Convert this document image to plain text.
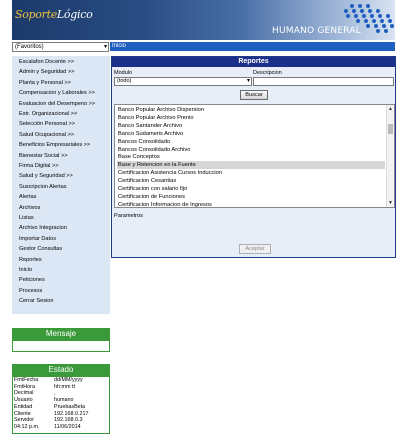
SoporteLógico
HUMANO GENERAL
(Favoritos)	▾ Inicio
Escalafon Docente >>
Admin y Seguridad >>
Planta y Personal >>
Compensacion y Laborales >>
Evaluacion del Desempeno >>
Estr. Organizacional >>
Selección Personal >>
Salud Ocupacional >>
Beneficios Empresariales >>
Bienestar Social >>
Firma Digital >>
Salud y Seguridad >>
Suscripcion Alertas
Alertas
Archivos
Listas
Archivo Integracion
Importar Datos
Gestor Consultas
Reportes
Inicio
Peticiones
Procesos
Cerrar Sesion
Mensaje
Estado
FmtFecha	dd/MM/yyyy
FmtHora	hh:mm tt
Decimal	,
Usuario	humano
Entidad	PruebasBeta
Cliente	192.168.0.217
Servidor	192.168.0.3
04:12 p.m.	11/06/2014
Reportes
Modulo	Descripcion
(todo)	▾
Buscar
▲
▼
Banco Popular Archivo Dispersion
Banco Popular Archivo Prenio
Banco Santander Archivo
Banco Sudameris Archivo
Bancos Consolidado
Bancos Consolidado Archivo
Base Conceptos
Base y Retencion en la Fuente
Certificacion Asistencia Cursos Induccion
Certificacion Cesantias
Certificacion con salario fijo
Certificacion de Funciones
Certificacion Informacion de Ingresos
Parametros
Aceptar
